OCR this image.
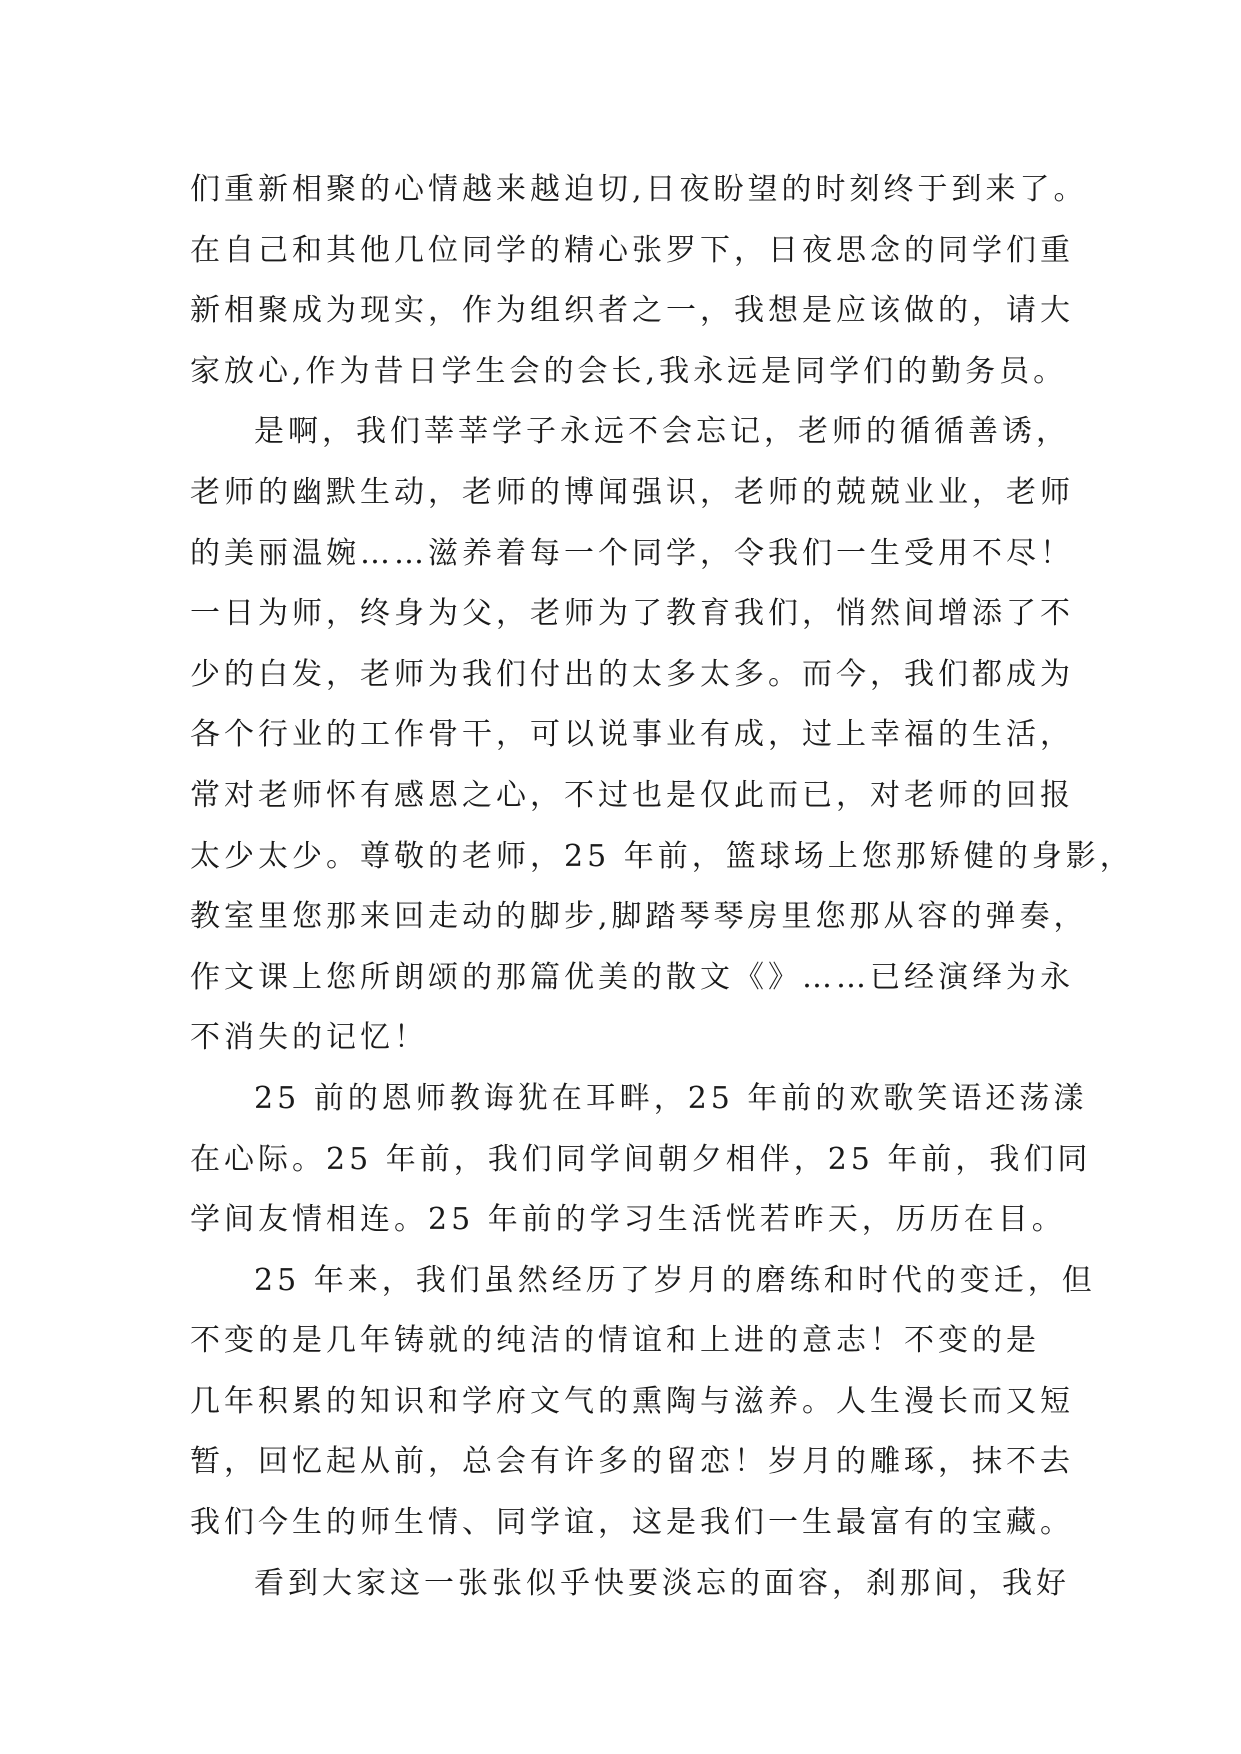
们重新相聚的心情越来越迫切,日夜盼望的时刻终于到来了。
在自己和其他几位同学的精心张罗下，日夜思念的同学们重
新相聚成为现实，作为组织者之一，我想是应该做的，请大
家放心,作为昔日学生会的会长,我永远是同学们的勤务员。
是啊，我们莘莘学子永远不会忘记，老师的循循善诱，
老师的幽默生动，老师的博闻强识，老师的兢兢业业，老师
的美丽温婉……滋养着每一个同学，令我们一生受用不尽！
一日为师，终身为父，老师为了教育我们，悄然间增添了不
少的白发，老师为我们付出的太多太多。而今，我们都成为
各个行业的工作骨干，可以说事业有成，过上幸福的生活，
常对老师怀有感恩之心，不过也是仅此而已，对老师的回报
太少太少。尊敬的老师，25 年前，篮球场上您那矫健的身影，
教室里您那来回走动的脚步,脚踏琴琴房里您那从容的弹奏，
作文课上您所朗颂的那篇优美的散文《》……已经演绎为永
不消失的记忆！
25 前的恩师教诲犹在耳畔，25 年前的欢歌笑语还荡漾
在心际。25 年前，我们同学间朝夕相伴，25 年前，我们同
学间友情相连。25 年前的学习生活恍若昨天，历历在目。
25 年来，我们虽然经历了岁月的磨练和时代的变迁，但
不变的是几年铸就的纯洁的情谊和上进的意志！不变的是
几年积累的知识和学府文气的熏陶与滋养。人生漫长而又短
暂，回忆起从前，总会有许多的留恋！岁月的雕琢，抹不去
我们今生的师生情、同学谊，这是我们一生最富有的宝藏。
看到大家这一张张似乎快要淡忘的面容，刹那间，我好
